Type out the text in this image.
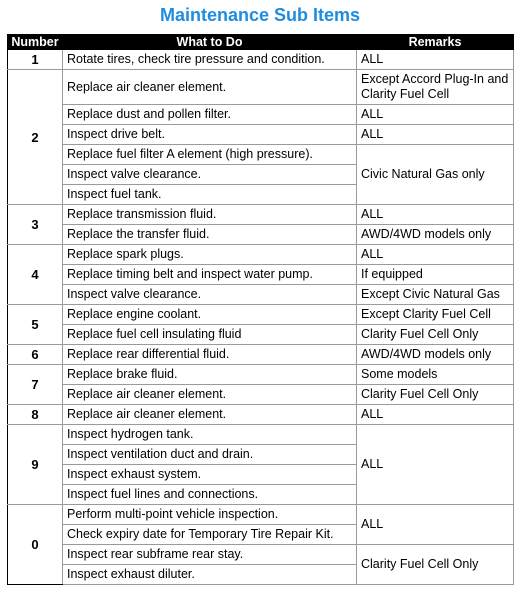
Maintenance Sub Items
Number	What to Do	Remarks
1	Rotate tires, check tire pressure and condition.	ALL
2	Replace air cleaner element.	Except Accord Plug-In and Clarity Fuel Cell
	Replace dust and pollen filter.	ALL
	Inspect drive belt.	ALL
	Replace fuel filter A element (high pressure).	Civic Natural Gas only
	Inspect valve clearance.	
	Inspect fuel tank.	
3	Replace transmission fluid.	ALL
	Replace the transfer fluid.	AWD/4WD models only
4	Replace spark plugs.	ALL
	Replace timing belt and inspect water pump.	If equipped
	Inspect valve clearance.	Except Civic Natural Gas
5	Replace engine coolant.	Except Clarity Fuel Cell
	Replace fuel cell insulating fluid	Clarity Fuel Cell Only
6	Replace rear differential fluid.	AWD/4WD models only
7	Replace brake fluid.	Some models
	Replace air cleaner element.	Clarity Fuel Cell Only
8	Replace air cleaner element.	ALL
9	Inspect hydrogen tank.	ALL
	Inspect ventilation duct and drain.	
	Inspect exhaust system.	
	Inspect fuel lines and connections.	
0	Perform multi-point vehicle inspection.	ALL
	Check expiry date for Temporary Tire Repair Kit.	
	Inspect rear subframe rear stay.	Clarity Fuel Cell Only
	Inspect exhaust diluter.	
